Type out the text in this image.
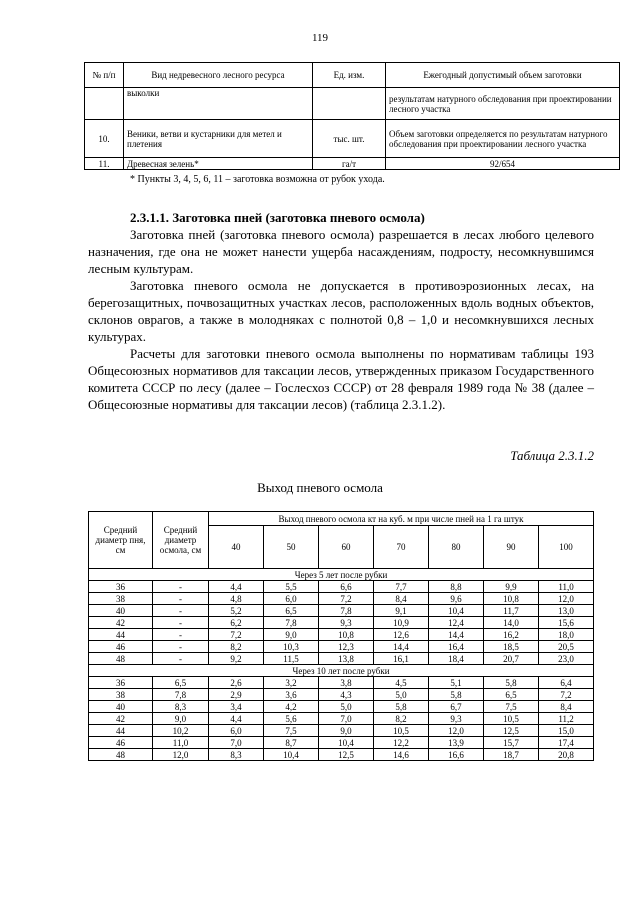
119
№ п/п	Вид недревесного лесного ресурса	Ед. изм.	Ежегодный допустимый объем заготовки
	выколки		результатам натурного обследования при проектировании лесного участка
10.	Веники, ветви и кустарники для метел и плетения	тыс. шт.	Объем заготовки определяется по результатам натурного обследования при проектировании лесного участка
11.	Древесная зелень*	га/т	92/654
* Пункты 3, 4, 5, 6, 11 – заготовка возможна от рубок ухода.
2.3.1.1. Заготовка пней (заготовка пневого осмола)

Заготовка пней (заготовка пневого осмола) разрешается в лесах любого целевого назначения, где она не может нанести ущерба насаждениям, подросту, несомкнувшимся лесным культурам.

Заготовка пневого осмола не допускается в противоэрозионных лесах, на берегозащитных, почвозащитных участках лесов, расположенных вдоль водных объектов, склонов оврагов, а также в молодняках с полнотой 0,8 – 1,0 и несомкнувшихся лесных культурах.

Расчеты для заготовки пневого осмола выполнены по нормативам таблицы 193 Общесоюзных нормативов для таксации лесов, утвержденных приказом Государственного комитета СССР по лесу (далее – Гослесхоз СССР) от 28 февраля 1989 года № 38 (далее – Общесоюзные нормативы для таксации лесов) (таблица 2.3.1.2).

Таблица 2.3.1.2
Выход пневого осмола
Средний диаметр пня, см	Средний диаметр осмола, см	Выход пневого осмола кт на куб. м при числе пней на 1 га штук						
		40	50	60	70	80	90	100
Через 5 лет после рубки								
36	-	4,4	5,5	6,6	7,7	8,8	9,9	11,0
38	-	4,8	6,0	7,2	8,4	9,6	10,8	12,0
40	-	5,2	6,5	7,8	9,1	10,4	11,7	13,0
42	-	6,2	7,8	9,3	10,9	12,4	14,0	15,6
44	-	7,2	9,0	10,8	12,6	14,4	16,2	18,0
46	-	8,2	10,3	12,3	14,4	16,4	18,5	20,5
48	-	9,2	11,5	13,8	16,1	18,4	20,7	23,0
Через 10 лет после рубки								
36	6,5	2,6	3,2	3,8	4,5	5,1	5,8	6,4
38	7,8	2,9	3,6	4,3	5,0	5,8	6,5	7,2
40	8,3	3,4	4,2	5,0	5,8	6,7	7,5	8,4
42	9,0	4,4	5,6	7,0	8,2	9,3	10,5	11,2
44	10,2	6,0	7,5	9,0	10,5	12,0	12,5	15,0
46	11,0	7,0	8,7	10,4	12,2	13,9	15,7	17,4
48	12,0	8,3	10,4	12,5	14,6	16,6	18,7	20,8
